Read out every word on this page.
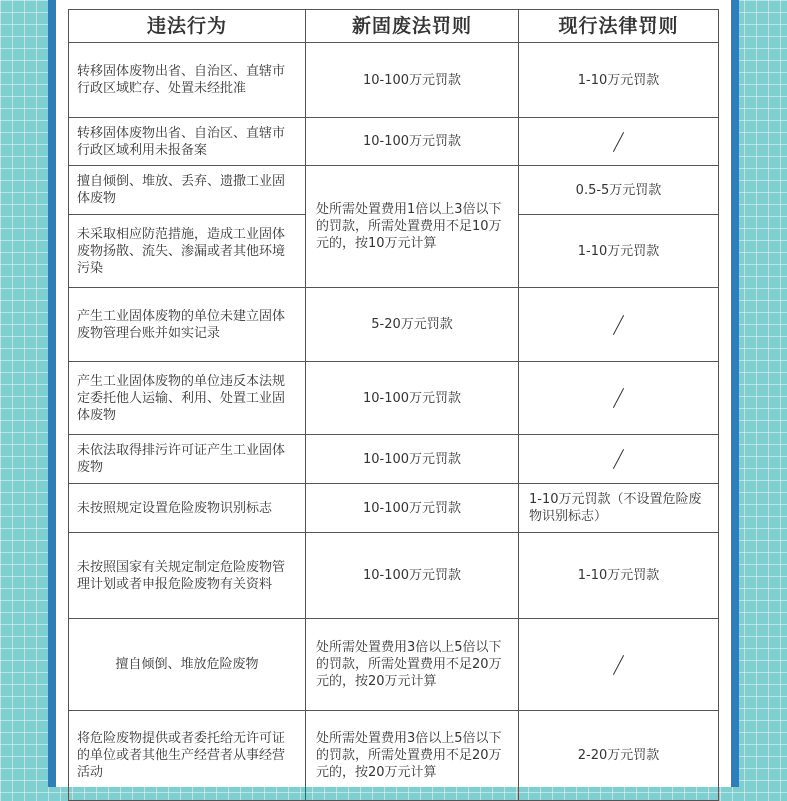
违法行为	新固废法罚则	现行法律罚则
转移固体废物出省、自治区、直辖市行政区域贮存、处置未经批准	10-100万元罚款	1-10万元罚款
转移固体废物出省、自治区、直辖市行政区域利用未报备案	10-100万元罚款	
擅自倾倒、堆放、丢弃、遗撒工业固体废物	处所需处置费用1倍以上3倍以下的罚款，所需处置费用不足10万元的，按10万元计算	0.5-5万元罚款
未采取相应防范措施，造成工业固体废物扬散、流失、渗漏或者其他环境污染		1-10万元罚款
产生工业固体废物的单位未建立固体废物管理台账并如实记录	5-20万元罚款	
产生工业固体废物的单位违反本法规定委托他人运输、利用、处置工业固体废物	10-100万元罚款	
未依法取得排污许可证产生工业固体废物	10-100万元罚款	
未按照规定设置危险废物识别标志	10-100万元罚款	1-10万元罚款（不设置危险废物识别标志）
未按照国家有关规定制定危险废物管理计划或者申报危险废物有关资料	10-100万元罚款	1-10万元罚款
擅自倾倒、堆放危险废物	处所需处置费用3倍以上5倍以下的罚款，所需处置费用不足20万元的，按20万元计算	
将危险废物提供或者委托给无许可证的单位或者其他生产经营者从事经营活动	处所需处置费用3倍以上5倍以下的罚款，所需处置费用不足20万元的，按20万元计算	2-20万元罚款
